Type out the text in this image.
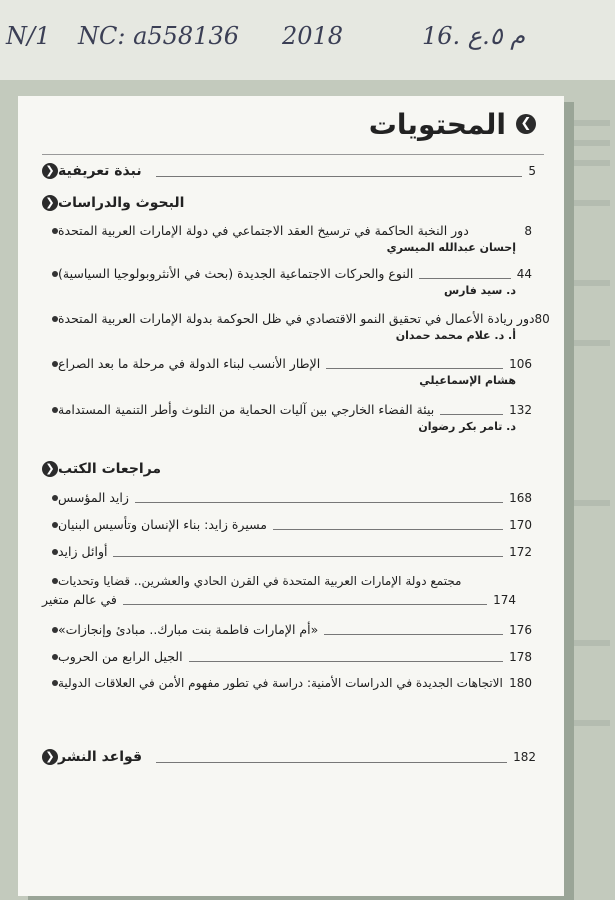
N/1 NC: a558136 2018	م ٥.ع .16
❮
المحتويات
❮ نبذة تعريفية	5
❮ البحوث والدراسات
دور النخبة الحاكمة في ترسيخ العقد الاجتماعي في دولة الإمارات العربية المتحدة	8
إحسان عبدالله الميسري
النوع والحركات الاجتماعية الجديدة (بحث في الأنثروبولوجيا السياسية)	44
د. سيد فارس
دور ريادة الأعمال في تحقيق النمو الاقتصادي في ظل الحوكمة بدولة الإمارات العربية المتحدة 80
أ. د. علام محمد حمدان
الإطار الأنسب لبناء الدولة في مرحلة ما بعد الصراع	106
هشام الإسماعيلي
بيئة الفضاء الخارجي بين آليات الحماية من التلوث وأطر التنمية المستدامة	132
د. تامر بكر رضوان
❮ مراجعات الكتب
زايد المؤسس	168
مسيرة زايد: بناء الإنسان وتأسيس البنيان	170
أوائل زايد	172
مجتمع دولة الإمارات العربية المتحدة في القرن الحادي والعشرين.. قضايا وتحديات
في عالم متغير	174
«أم الإمارات فاطمة بنت مبارك.. مبادئ وإنجازات»	176
الجيل الرابع من الحروب	178
الاتجاهات الجديدة في الدراسات الأمنية: دراسة في تطور مفهوم الأمن في العلاقات الدولية 180
❮ قواعد النشر	182
